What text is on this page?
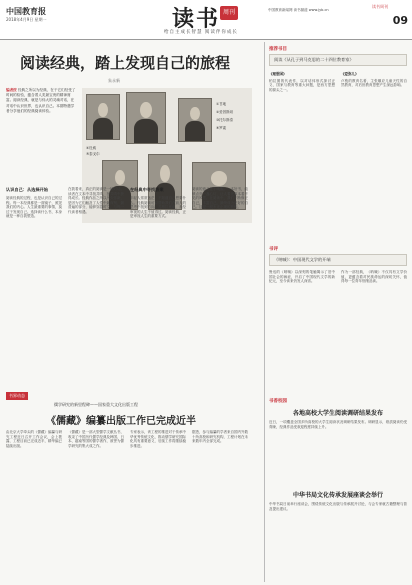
中国教育报
2018年4月9日 星期一	读书 周刊
给自主成长智慧 阅读伴你成长
中国教育新闻网 读书频道 www.jyb.cn
读书周刊
09
阅读经典，踏上发现自己的旅程
朱永新
编者按 经典之所以为经典，在于它们经受了时间的检验，蕴含着人类最宝贵的精神财富。阅读经典，就是与伟大的灵魂对话，在对话中认识世界，也认识自己。本期特邀学者分享他们的经典阅读体验。
①甘地
②爱因斯坦
③托尔斯泰
④杜威
⑤泰戈尔
⑥罗素
认识自己：从选择开始
阅读经典的过程，也是认识自己的过程。每一本经典都是一面镜子，照见我们的内心。人生最重要的事情，莫过于发现自己。选择读什么书，本身就是一种自我塑造。
在我看来，真正的阅读是一种对话。读者在文本中寻找共鸣，在共鸣中获得成长。经典作品之所以历久弥新，是因为它们触及了人性中最深刻、最普遍的部分，能够穿越时空，与每一代读者相遇。
在经典中寻找答案
年轻人常常迷茫，不知道自己想要什么。经典阅读可以帮助我们在前人的思考中找到方向。苏格拉底说，未经审视的人生不值得过。阅读经典，正是审视人生的重要方式。
阅读的意义在于唤醒。一本好书，能够点亮一盏心灯，让人看见原本看不见的风景。在阅读中，我们不断修正自己，丰富自己，最终成为更好的自己。这是一段永无止境的旅程。
书界动态
儒学研究的新里程碑——国家重大文化出版工程
《儒藏》编纂出版工作已完成近半
由北京大学牵头的《儒藏》编纂与研究工程近日召开工作会议，会上披露，工程目前已完成近半，精华编已陆续出版。
《儒藏》是一部大型儒学文献丛书，收录了中国历代儒学经典及韩国、日本、越南等国的儒学著作，被誉为儒学研究的集大成之作。
专家表示，该工程的推进对于传承中华优秀传统文化、推动儒学研究国际化具有重要意义，后续工作将继续稳步推进。
据悉，参与编纂的学者来自国内外数十所高校和研究机构，工程计划在未来数年内全部完成。
推荐书目
阅读《从孔子到马克思的二十四位教育家》
《理想国》
柏拉图的代表作，以对话体形式探讨正义、国家与教育等重大问题，是西方思想的源头之一。
《爱弥儿》
卢梭的教育名著，主张顺应儿童天性的自然教育，对后世教育思想产生深远影响。
书评
《呐喊》：中国现代文学的开端
鲁迅的《呐喊》以深刻的笔触揭示了旧中国社会的病症，开启了中国现代文学的新纪元，至今读来仍发人深省。
作为一部经典，《呐喊》不仅具有文学价值，更蕴含着对民族命运的深切关怀，值得每一位青年细细品读。
书香校园
各地高校大学生阅读调研结果发布
近日，一项覆盖全国多所高校的大学生阅读状况调研结果发布。调研显示，纸质阅读仍受青睐，经典作品受欢迎程度持续上升。
中华书局文化传承发展座谈会举行
中华书局日前举行座谈会，围绕传统文化出版与传承展开讨论，与会专家就古籍整理与普及提出建议。
